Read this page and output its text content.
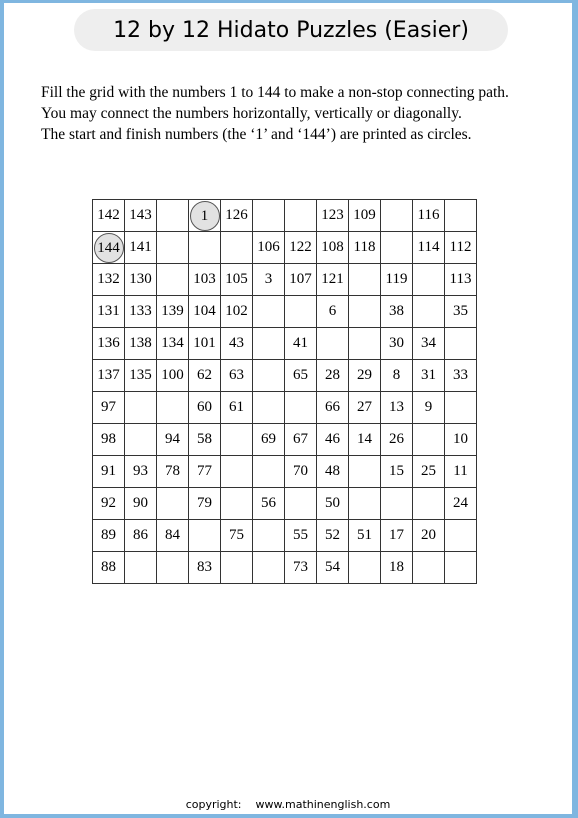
12 by 12 Hidato Puzzles (Easier)
Fill the grid with the numbers 1 to 144 to make a non-stop connecting path.
You may connect the numbers horizontally, vertically or diagonally.
The start and finish numbers (the ‘1’ and ‘144’) are printed as circles.
142	143		1	126			123	109		116	
144	141				106	122	108	118		114	112
132	130		103	105	3	107	121		119		113
131	133	139	104	102			6		38		35
136	138	134	101	43		41			30	34	
137	135	100	62	63		65	28	29	8	31	33
97			60	61			66	27	13	9	
98		94	58		69	67	46	14	26		10
91	93	78	77			70	48		15	25	11
92	90		79		56		50				24
89	86	84		75		55	52	51	17	20	
88			83			73	54		18		
copyright: www.mathinenglish.com
